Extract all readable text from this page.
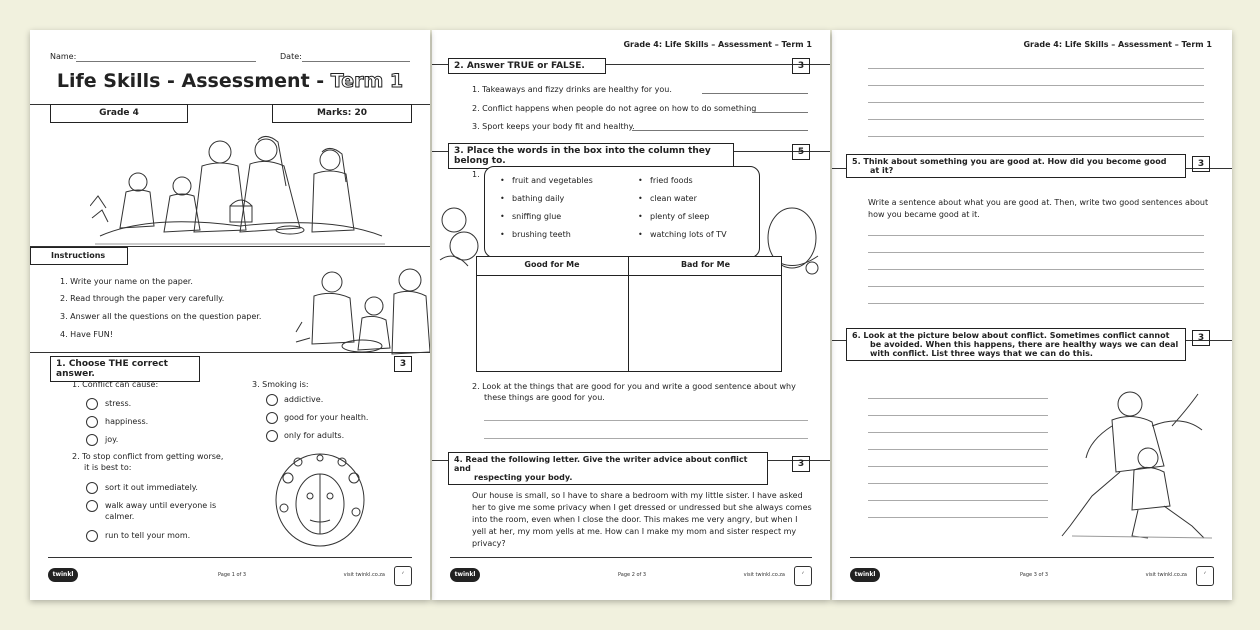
Name:	Date:
Life Skills - Assessment - Term 1
Grade 4	Marks: 20
Instructions
1. Write your name on the paper.
2. Read through the paper very carefully.
3. Answer all the questions on the question paper.
4. Have FUN!
1. Choose THE correct answer.
3
1. Conflict can cause:
stress.
happiness.
joy.
2. To stop conflict from getting worse,
it is best to:
sort it out immediately.
walk away until everyone is
calmer.
run to tell your mom.
3. Smoking is:
addictive.
good for your health.
only for adults.
twinkl	Page 1 of 3	visit twinkl.co.za	✓
Grade 4: Life Skills – Assessment – Term 1
2. Answer TRUE or FALSE.	3
1. Takeaways and fizzy drinks are healthy for you.
2. Conflict happens when people do not agree on how to do something
3. Sport keeps your body fit and healthy.
3. Place the words in the box into the column they belong to.
5
1.
fruit and vegetables
bathing daily
sniffing glue
brushing teeth
•
•
•
•
fried foods
clean water
plenty of sleep
watching lots of TV
•
•
•
•
Good for Me	Bad for Me
2. Look at the things that are good for you and write a good sentence about why
these things are good for you.
4. Read the following letter. Give the writer advice about conflict and
respecting your body.
3
Our house is small, so I have to share a bedroom with my little sister. I have asked
her to give me some privacy when I get dressed or undressed but she always comes
into the room, even when I close the door. This makes me very angry, but when I
yell at her, my mom yells at me. How can I make my mom and sister respect my
privacy?
twinkl	Page 2 of 3	visit twinkl.co.za	✓
Grade 4: Life Skills – Assessment – Term 1
5. Think about something you are good at. How did you become good
at it?
3
Write a sentence about what you are good at. Then, write two good sentences about
how you became good at it.
6. Look at the picture below about conflict. Sometimes conflict cannot
be avoided. When this happens, there are healthy ways we can deal
with conflict. List three ways that we can do this.
3
twinkl	Page 3 of 3	visit twinkl.co.za	✓
